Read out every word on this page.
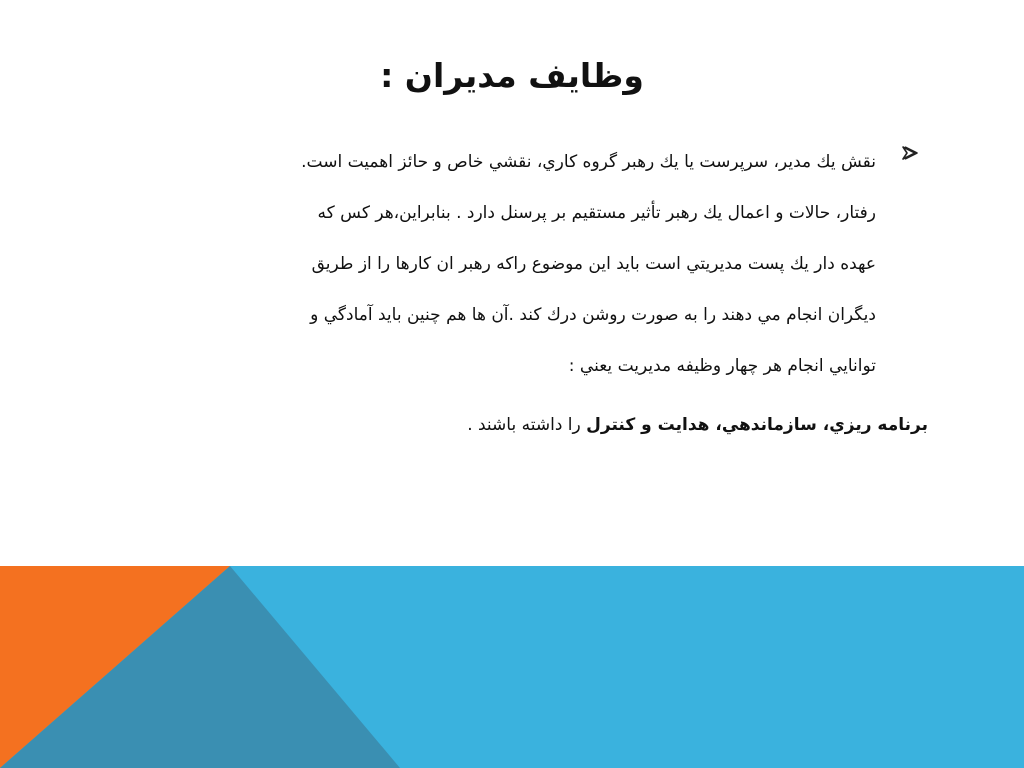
وظايف مديران :

نقش يك مدير، سرپرست يا يك رهبر گروه كاري، نقشي خاص و حائز اهميت است.
رفتار، حالات و اعمال يك رهبر تأثير مستقيم بر پرسنل دارد . بنابراين،هر كس كه
عهده دار يك پست مديريتي است بايد اين موضوع راكه رهبر ان كارها را از طريق
ديگران انجام مي دهند را به صورت روشن درك كند .آن ها هم چنين بايد آمادگي و
توانايي انجام هر چهار وظيفه مديريت يعني :

برنامه ريزي، سازماندهي، هدايت و كنترل را داشته باشند .
